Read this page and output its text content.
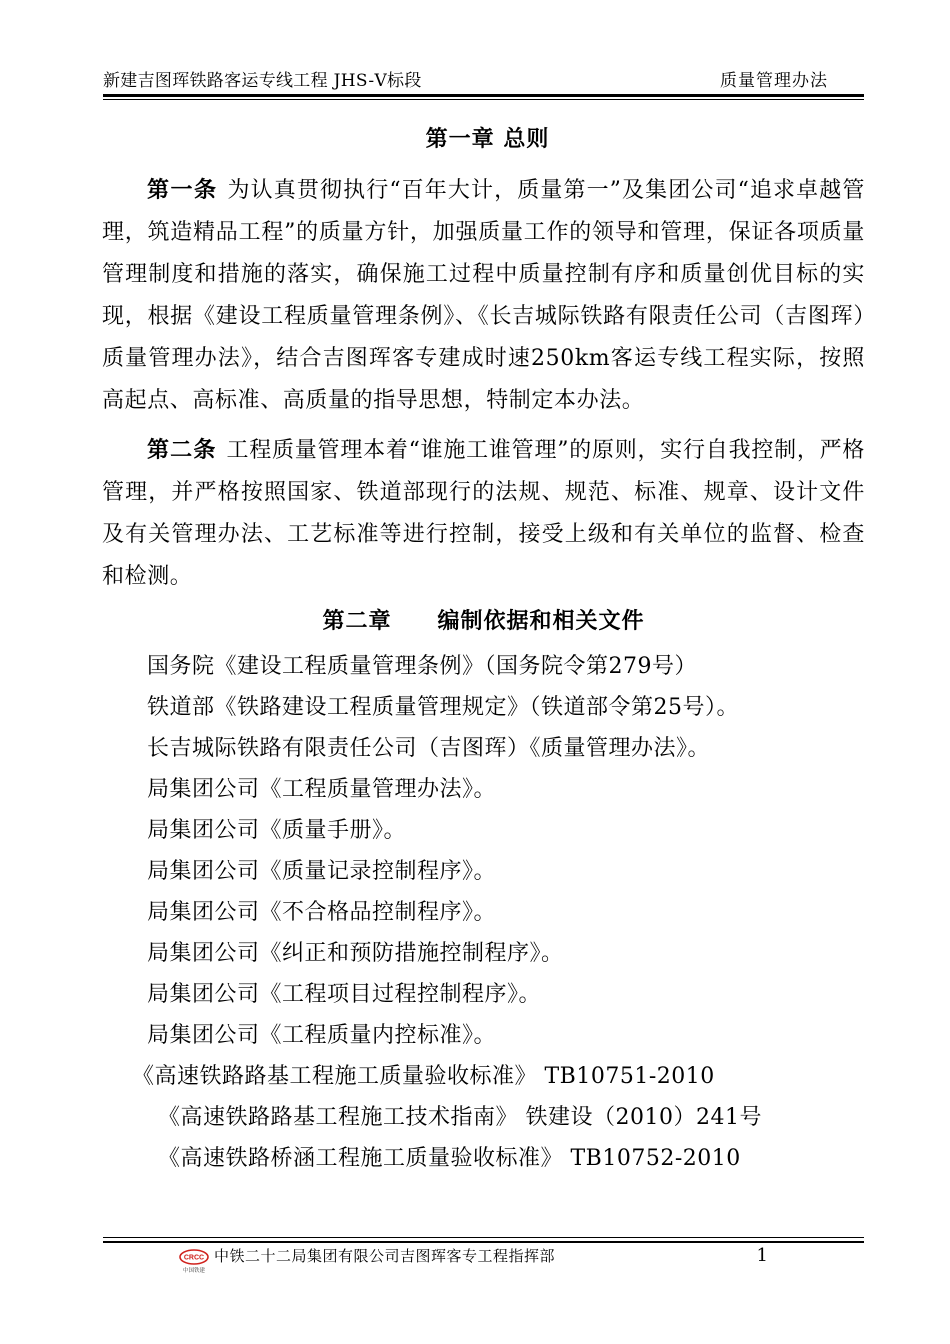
新建吉图珲铁路客运专线工程 JHS-Ⅴ标段	质量管理办法
第一章 总则

第一条 为认真贯彻执行“百年大计，质量第一”及集团公司“追求卓越管理，筑造精品工程”的质量方针，加强质量工作的领导和管理，保证各项质量管理制度和措施的落实，确保施工过程中质量控制有序和质量创优目标的实现，根据《建设工程质量管理条例》、《长吉城际铁路有限责任公司（吉图珲）质量管理办法》，结合吉图珲客专建成时速250km客运专线工程实际，按照高起点、高标准、高质量的指导思想，特制定本办法。

第二条 工程质量管理本着“谁施工谁管理”的原则，实行自我控制，严格管理，并严格按照国家、铁道部现行的法规、规范、标准、规章、设计文件及有关管理办法、工艺标准等进行控制，接受上级和有关单位的监督、检查和检测。

第二章　　编制依据和相关文件
国务院《建设工程质量管理条例》（国务院令第279号）
铁道部《铁路建设工程质量管理规定》（铁道部令第25号）。
长吉城际铁路有限责任公司（吉图珲）《质量管理办法》。
局集团公司《工程质量管理办法》。
局集团公司《质量手册》。
局集团公司《质量记录控制程序》。
局集团公司《不合格品控制程序》。
局集团公司《纠正和预防措施控制程序》。
局集团公司《工程项目过程控制程序》。
局集团公司《工程质量内控标准》。
《高速铁路路基工程施工质量验收标准》 TB10751-2010
《高速铁路路基工程施工技术指南》 铁建设（2010）241号
《高速铁路桥涵工程施工质量验收标准》 TB10752-2010
CRCC
中国铁建
中铁二十二局集团有限公司吉图珲客专工程指挥部	1
